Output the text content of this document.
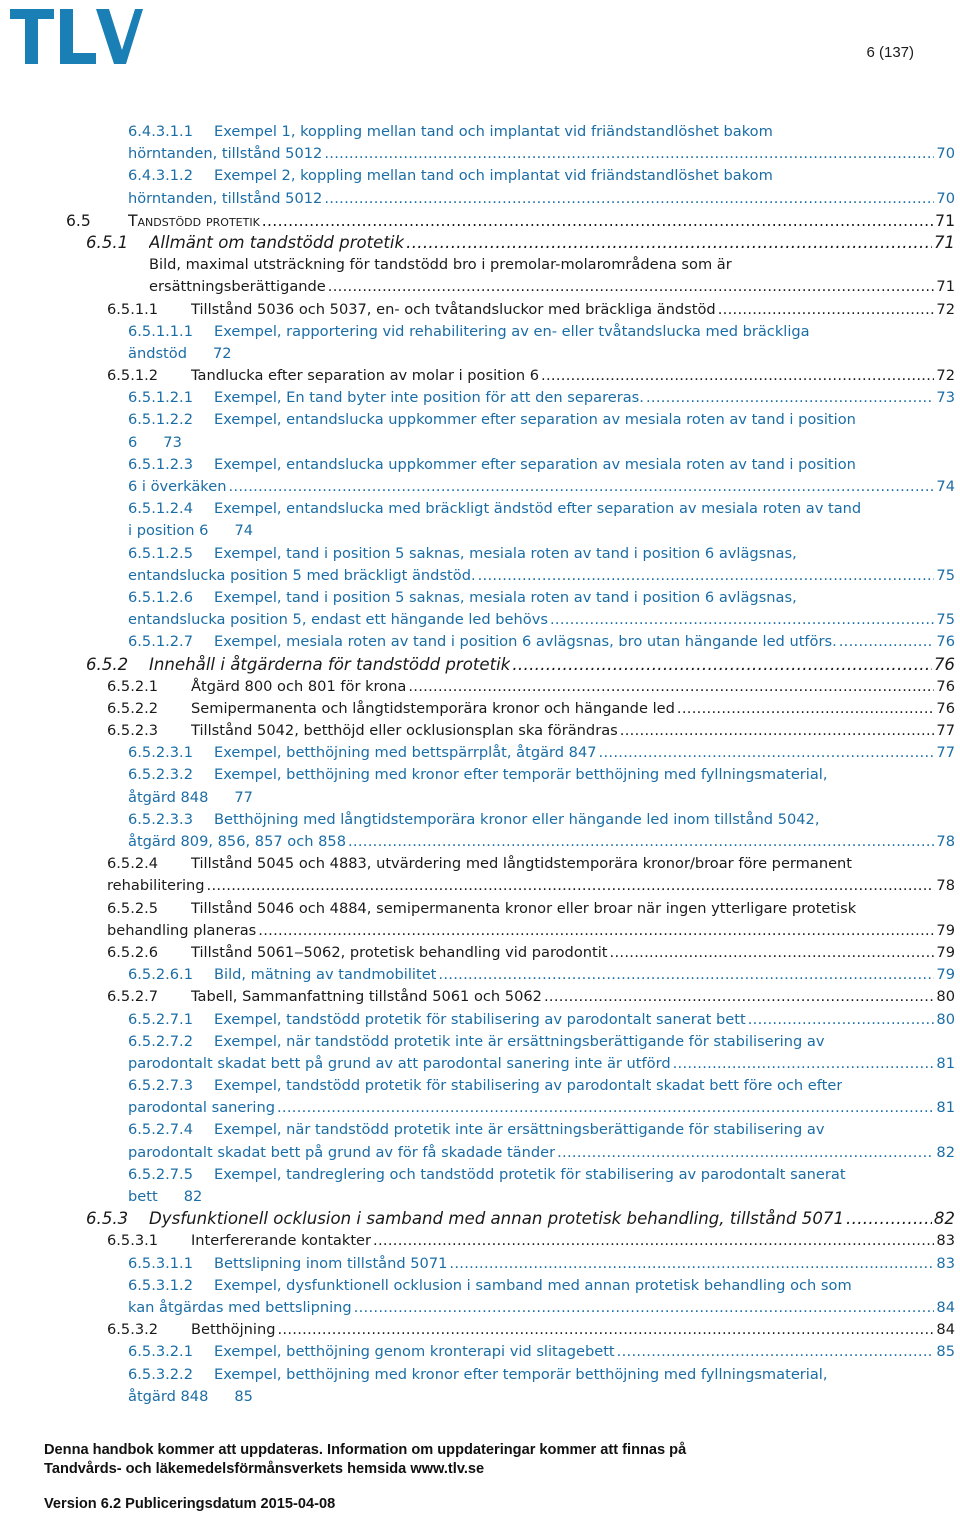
6 (137)
6.4.3.1.1	Exempel 1, koppling mellan tand och implantat vid friändstandlöshet bakom
hörntanden, tillstånd 5012 .....	70
6.4.3.1.2	Exempel 2, koppling mellan tand och implantat vid friändstandlöshet bakom
hörntanden, tillstånd 5012 .....	70
6.5	Tandstödd protetik .....	71
6.5.1	Allmänt om tandstödd protetik .....	71
Bild, maximal utsträckning för tandstödd bro i premolar-molarområdena som är
ersättningsberättigande .....	71
6.5.1.1	Tillstånd 5036 och 5037, en- och tvåtandsluckor med bräckliga ändstöd .....	72
6.5.1.1.1	Exempel, rapportering vid rehabilitering av en- eller tvåtandslucka med bräckliga
ändstöd 72
6.5.1.2	Tandlucka efter separation av molar i position 6 .....	72
6.5.1.2.1	Exempel, En tand byter inte position för att den separeras. .....	73
6.5.1.2.2	Exempel, entandslucka uppkommer efter separation av mesiala roten av tand i position
6 73
6.5.1.2.3	Exempel, entandslucka uppkommer efter separation av mesiala roten av tand i position
6 i överkäken .....	74
6.5.1.2.4	Exempel, entandslucka med bräckligt ändstöd efter separation av mesiala roten av tand
i position 6 74
6.5.1.2.5	Exempel, tand i position 5 saknas, mesiala roten av tand i position 6 avlägsnas,
entandslucka position 5 med bräckligt ändstöd. .....	75
6.5.1.2.6	Exempel, tand i position 5 saknas, mesiala roten av tand i position 6 avlägsnas,
entandslucka position 5, endast ett hängande led behövs .....	75
6.5.1.2.7	Exempel, mesiala roten av tand i position 6 avlägsnas, bro utan hängande led utförs. .....	76
6.5.2	Innehåll i åtgärderna för tandstödd protetik .....	76
6.5.2.1	Åtgärd 800 och 801 för krona .....	76
6.5.2.2	Semipermanenta och långtidstemporära kronor och hängande led .....	76
6.5.2.3	Tillstånd 5042, betthöjd eller ocklusionsplan ska förändras .....	77
6.5.2.3.1	Exempel, betthöjning med bettspärrplåt, åtgärd 847 .....	77
6.5.2.3.2	Exempel, betthöjning med kronor efter temporär betthöjning med fyllningsmaterial,
åtgärd 848 77
6.5.2.3.3	Betthöjning med långtidstemporära kronor eller hängande led inom tillstånd 5042,
åtgärd 809, 856, 857 och 858 .....	78
6.5.2.4	Tillstånd 5045 och 4883, utvärdering med långtidstemporära kronor/broar före permanent
rehabilitering .....	78
6.5.2.5	Tillstånd 5046 och 4884, semipermanenta kronor eller broar när ingen ytterligare protetisk
behandling planeras .....	79
6.5.2.6	Tillstånd 5061‒5062, protetisk behandling vid parodontit .....	79
6.5.2.6.1	Bild, mätning av tandmobilitet .....	79
6.5.2.7	Tabell, Sammanfattning tillstånd 5061 och 5062 .....	80
6.5.2.7.1	Exempel, tandstödd protetik för stabilisering av parodontalt sanerat bett .....	80
6.5.2.7.2	Exempel, när tandstödd protetik inte är ersättningsberättigande för stabilisering av
parodontalt skadat bett på grund av att parodontal sanering inte är utförd .....	81
6.5.2.7.3	Exempel, tandstödd protetik för stabilisering av parodontalt skadat bett före och efter
parodontal sanering .....	81
6.5.2.7.4	Exempel, när tandstödd protetik inte är ersättningsberättigande för stabilisering av
parodontalt skadat bett på grund av för få skadade tänder .....	82
6.5.2.7.5	Exempel, tandreglering och tandstödd protetik för stabilisering av parodontalt sanerat
bett 82
6.5.3	Dysfunktionell ocklusion i samband med annan protetisk behandling, tillstånd 5071 .....	82
6.5.3.1	Interfererande kontakter .....	83
6.5.3.1.1	Bettslipning inom tillstånd 5071 .....	83
6.5.3.1.2	Exempel, dysfunktionell ocklusion i samband med annan protetisk behandling och som
kan åtgärdas med bettslipning .....	84
6.5.3.2	Betthöjning .....	84
6.5.3.2.1	Exempel, betthöjning genom kronterapi vid slitagebett .....	85
6.5.3.2.2	Exempel, betthöjning med kronor efter temporär betthöjning med fyllningsmaterial,
åtgärd 848 85
Denna handbok kommer att uppdateras. Information om uppdateringar kommer att finnas på
Tandvårds- och läkemedelsförmånsverkets hemsida www.tlv.se
Version 6.2 Publiceringsdatum 2015-04-08
